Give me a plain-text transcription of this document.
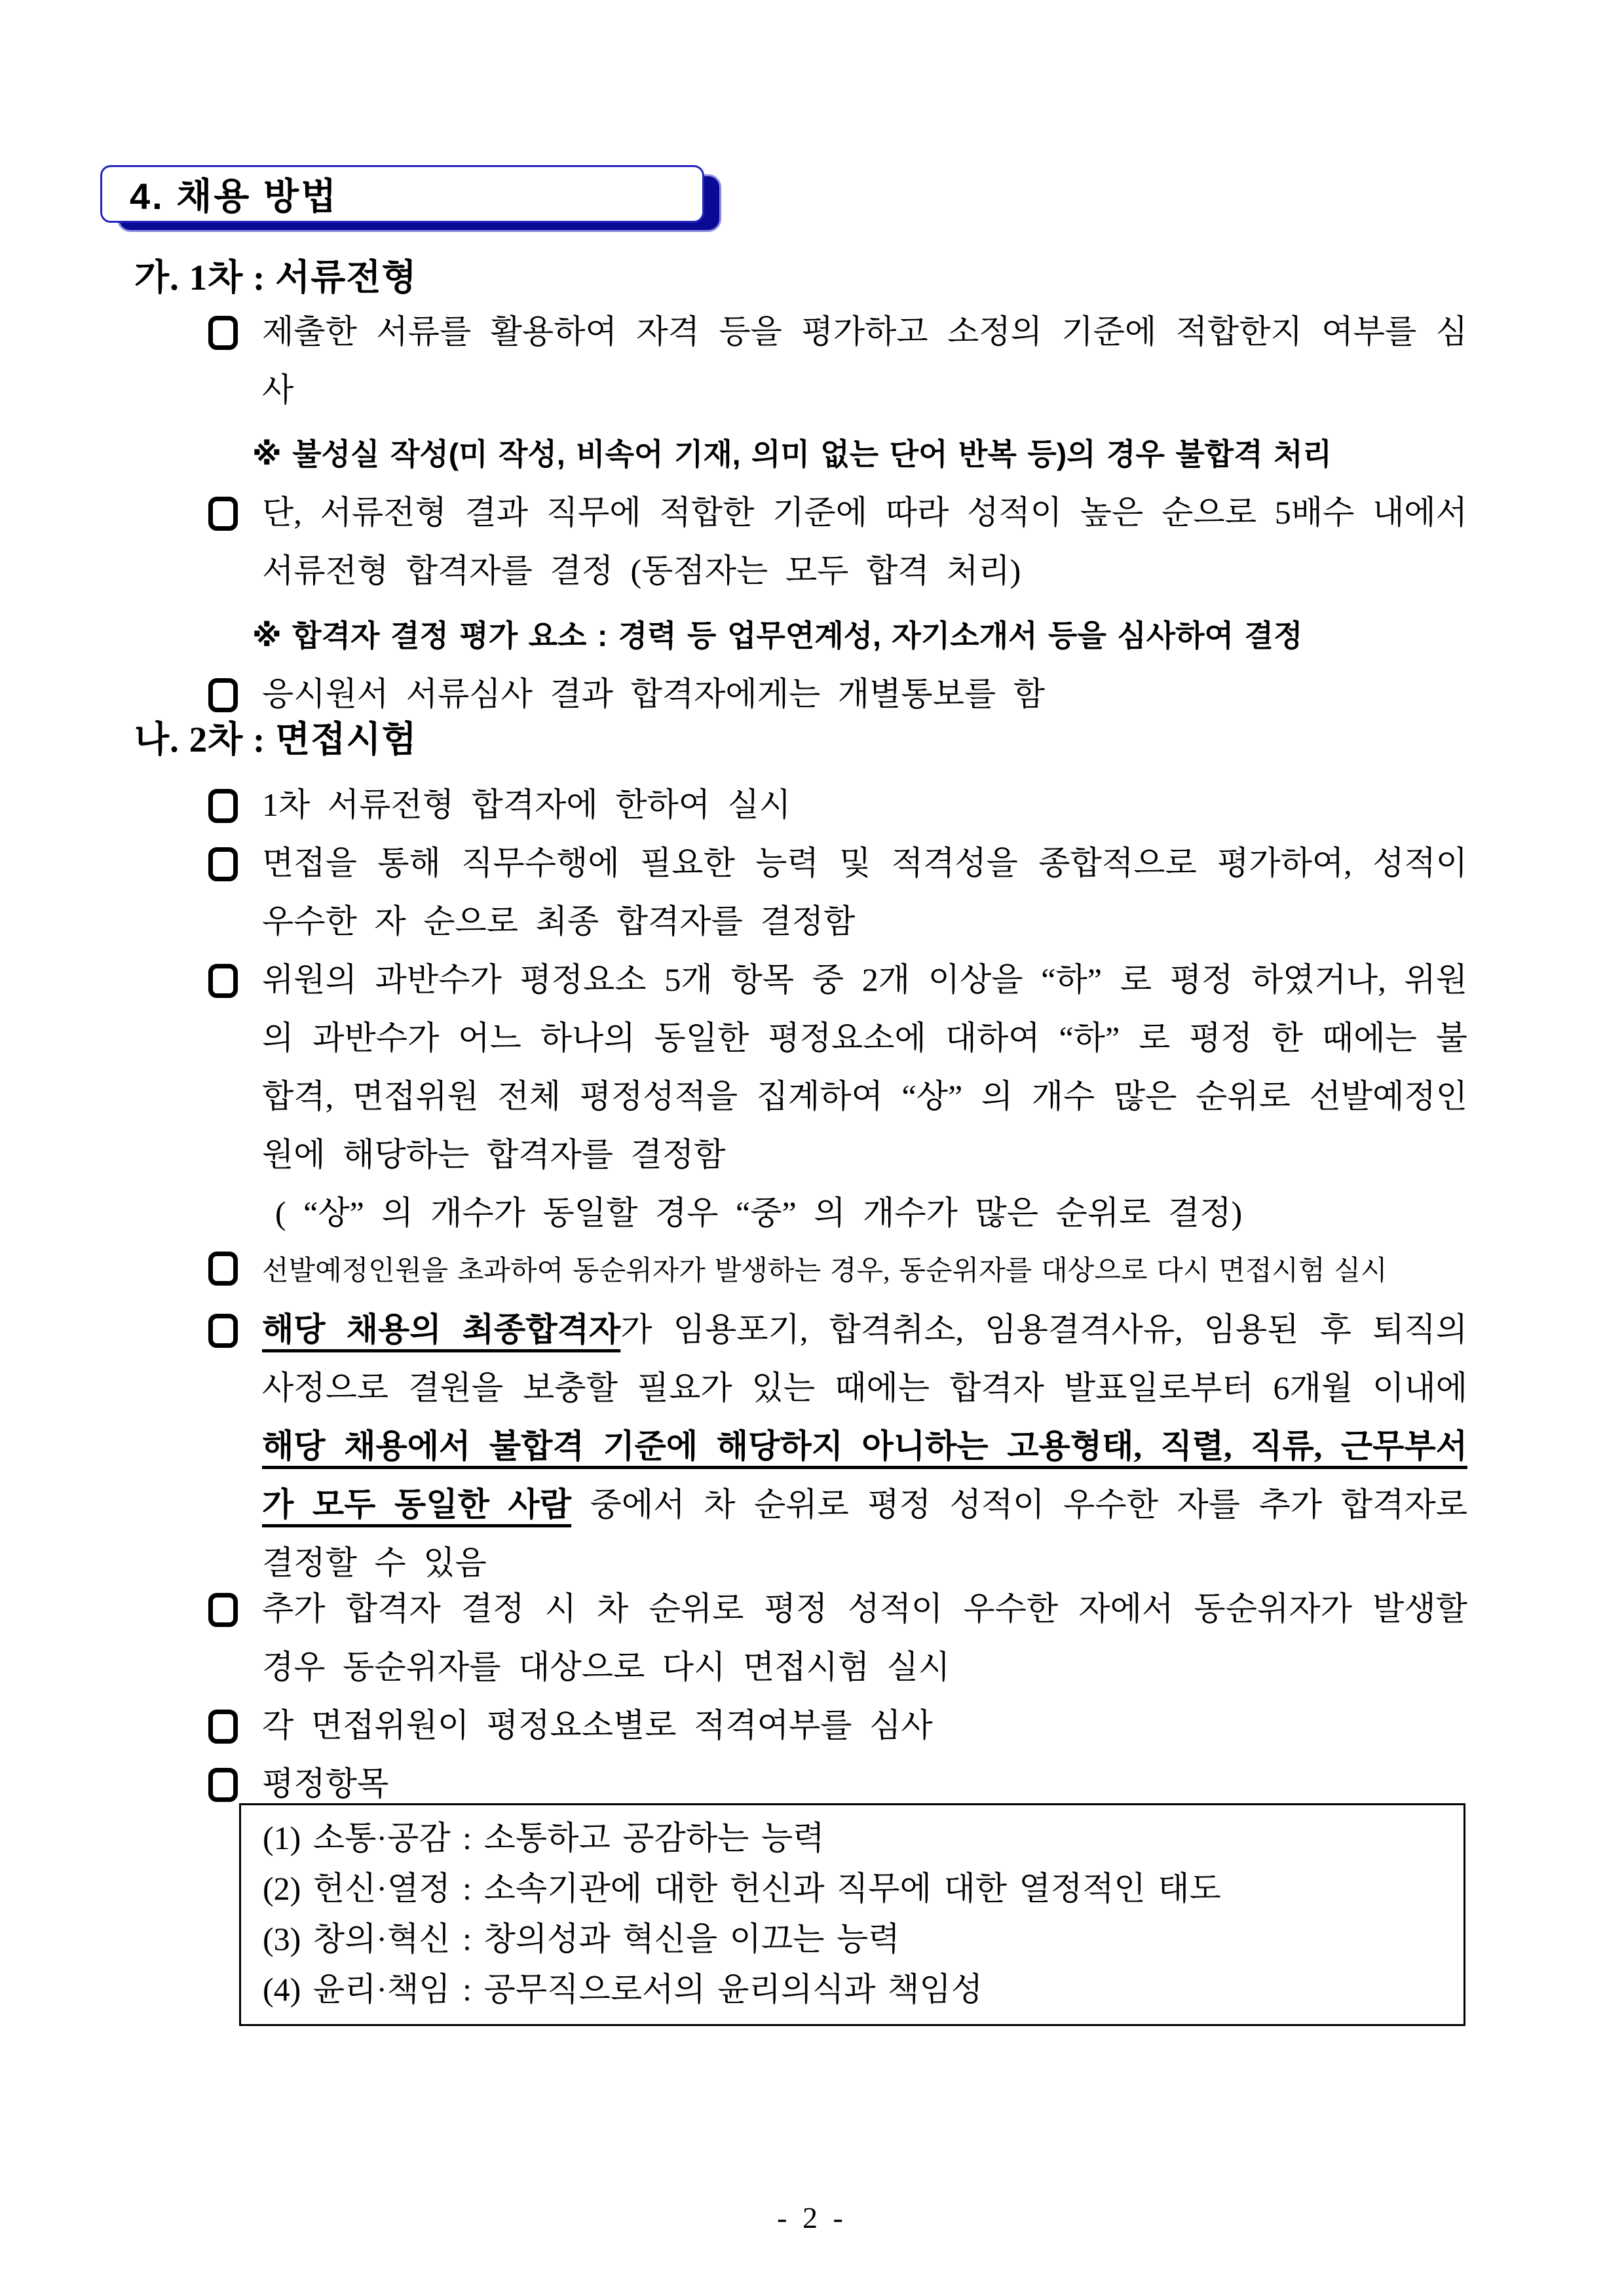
4. 채용 방법
가. 1차 : 서류전형

제출한 서류를 활용하여 자격 등을 평가하고 소정의 기준에 적합한지 여부를 심사

※ 불성실 작성(미 작성, 비속어 기재, 의미 없는 단어 반복 등)의 경우 불합격 처리

단, 서류전형 결과 직무에 적합한 기준에 따라 성적이 높은 순으로 5배수 내에서 서류전형 합격자를 결정 (동점자는 모두 합격 처리)

※ 합격자 결정 평가 요소 : 경력 등 업무연계성, 자기소개서 등을 심사하여 결정

응시원서 서류심사 결과 합격자에게는 개별통보를 함

나. 2차 : 면접시험

1차 서류전형 합격자에 한하여 실시

면접을 통해 직무수행에 필요한 능력 및 적격성을 종합적으로 평가하여, 성적이 우수한 자 순으로 최종 합격자를 결정함

위원의 과반수가 평정요소 5개 항목 중 2개 이상을 “하” 로 평정 하였거나, 위원의 과반수가 어느 하나의 동일한 평정요소에 대하여 “하” 로 평정 한 때에는 불합격, 면접위원 전체 평정성적을 집계하여 “상” 의 개수 많은 순위로 선발예정인원에 해당하는 합격자를 결정함

( “상” 의 개수가 동일할 경우 “중” 의 개수가 많은 순위로 결정)

선발예정인원을 초과하여 동순위자가 발생하는 경우, 동순위자를 대상으로 다시 면접시험 실시

해당 채용의 최종합격자가 임용포기, 합격취소, 임용결격사유, 임용된 후 퇴직의 사정으로 결원을 보충할 필요가 있는 때에는 합격자 발표일로부터 6개월 이내에 해당 채용에서 불합격 기준에 해당하지 아니하는 고용형태, 직렬, 직류, 근무부서가 모두 동일한 사람 중에서 차 순위로 평정 성적이 우수한 자를 추가 합격자로 결정할 수 있음

추가 합격자 결정 시 차 순위로 평정 성적이 우수한 자에서 동순위자가 발생할 경우 동순위자를 대상으로 다시 면접시험 실시

각 면접위원이 평정요소별로 적격여부를 심사

평정항목

(1) 소통·공감 : 소통하고 공감하는 능력

(2) 헌신·열정 : 소속기관에 대한 헌신과 직무에 대한 열정적인 태도

(3) 창의·혁신 : 창의성과 혁신을 이끄는 능력

(4) 윤리·책임 : 공무직으로서의 윤리의식과 책임성

- 2 -
